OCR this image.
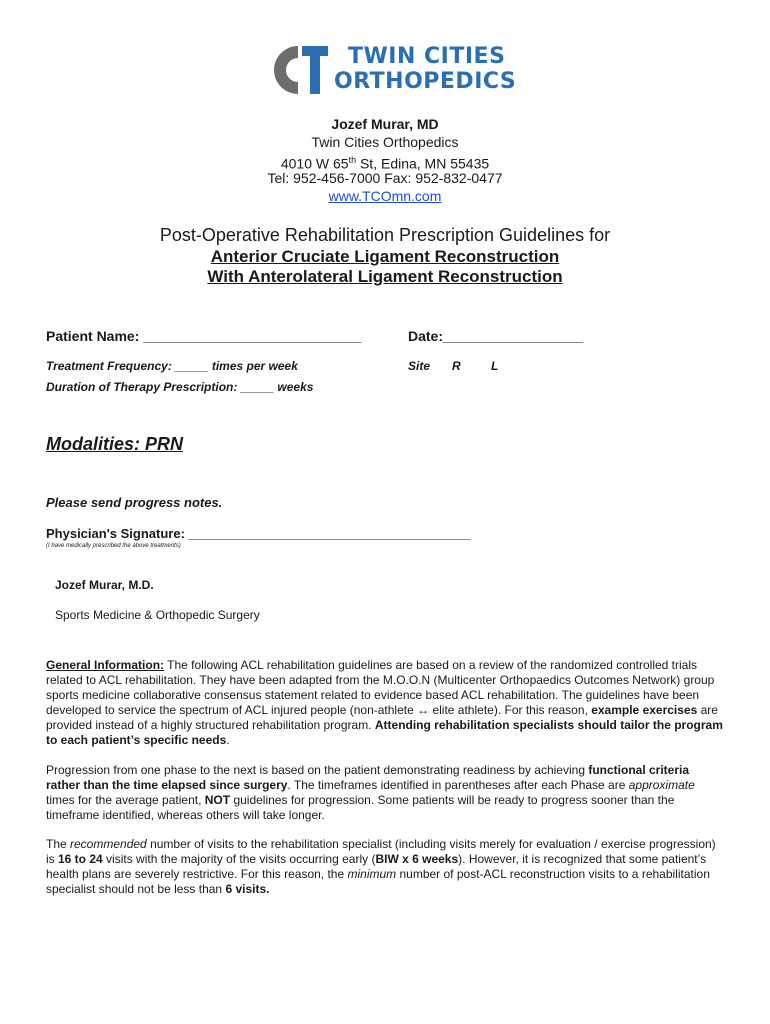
TWIN CITIES
ORTHOPEDICS
Jozef Murar, MD
Twin Cities Orthopedics
4010 W 65th St, Edina, MN 55435
Tel: 952-456-7000 Fax: 952-832-0477
www.TCOmn.com
Post-Operative Rehabilitation Prescription Guidelines for
Anterior Cruciate Ligament Reconstruction
With Anterolateral Ligament Reconstruction
Patient Name: ____________________________	Date:__________________
Treatment Frequency: _____ times per week	Site R	L
Duration of Therapy Prescription: _____ weeks
Modalities: PRN
Please send progress notes.
Physician's Signature: _______________________________________
(I have medically prescribed the above treatments)
Jozef Murar, M.D.
Sports Medicine & Orthopedic Surgery
General Information: The following ACL rehabilitation guidelines are based on a review of the randomized controlled trials related to ACL rehabilitation. They have been adapted from the M.O.O.N (Multicenter Orthopaedics Outcomes Network) group sports medicine collaborative consensus statement related to evidence based ACL rehabilitation. The guidelines have been developed to service the spectrum of ACL injured people (non-athlete ↔ elite athlete). For this reason, example exercises are provided instead of a highly structured rehabilitation program. Attending rehabilitation specialists should tailor the program to each patient’s specific needs.
Progression from one phase to the next is based on the patient demonstrating readiness by achieving functional criteria rather than the time elapsed since surgery. The timeframes identified in parentheses after each Phase are approximate times for the average patient, NOT guidelines for progression. Some patients will be ready to progress sooner than the timeframe identified, whereas others will take longer.
The recommended number of visits to the rehabilitation specialist (including visits merely for evaluation / exercise progression) is 16 to 24 visits with the majority of the visits occurring early (BIW x 6 weeks). However, it is recognized that some patient’s health plans are severely restrictive. For this reason, the minimum number of post-ACL reconstruction visits to a rehabilitation specialist should not be less than 6 visits.
